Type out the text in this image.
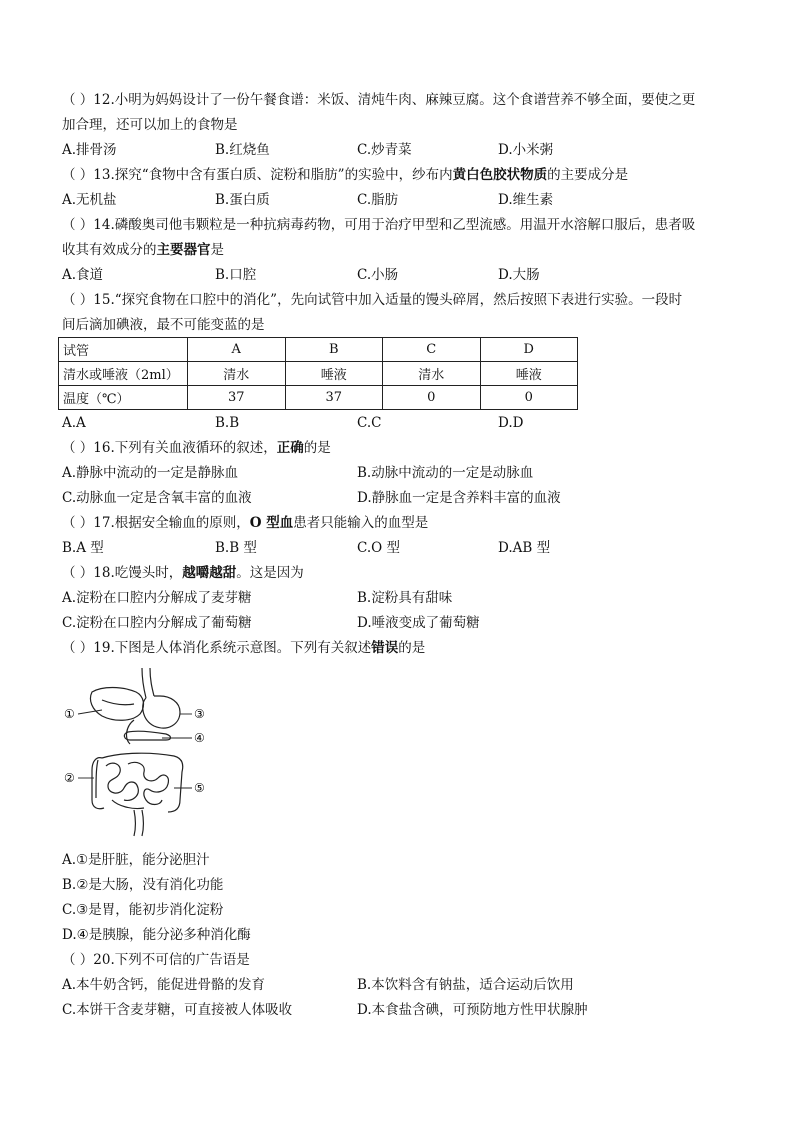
（ ）12.小明为妈妈设计了一份午餐食谱：米饭、清炖牛肉、麻辣豆腐。这个食谱营养不够全面，要使之更
加合理，还可以加上的食物是
A.排骨汤	B.红烧鱼	C.炒青菜	D.小米粥
（ ）13.探究“食物中含有蛋白质、淀粉和脂肪”的实验中，纱布内黄白色胶状物质的主要成分是
A.无机盐	B.蛋白质	C.脂肪	D.维生素
（ ）14.磷酸奥司他韦颗粒是一种抗病毒药物，可用于治疗甲型和乙型流感。用温开水溶解口服后，患者吸
收其有效成分的主要器官是
A.食道	B.口腔	C.小肠	D.大肠
（ ）15.“探究食物在口腔中的消化”，先向试管中加入适量的馒头碎屑，然后按照下表进行实验。一段时
间后滴加碘液，最不可能变蓝的是
试管	A	B	C	D
清水或唾液（2ml）	清水	唾液	清水	唾液
温度（℃）	37	37	0	0
A.A	B.B	C.C	D.D
（ ）16.下列有关血液循环的叙述，正确的是
A.静脉中流动的一定是静脉血	B.动脉中流动的一定是动脉血
C.动脉血一定是含氧丰富的血液	D.静脉血一定是含养料丰富的血液
（ ）17.根据安全输血的原则，O 型血患者只能输入的血型是
B.A 型	B.B 型	C.O 型	D.AB 型
（ ）18.吃馒头时，越嚼越甜。这是因为
A.淀粉在口腔内分解成了麦芽糖	B.淀粉具有甜味
C.淀粉在口腔内分解成了葡萄糖	D.唾液变成了葡萄糖
（ ）19.下图是人体消化系统示意图。下列有关叙述错误的是
①
②
③
④
⑤
A.①是肝脏，能分泌胆汁
B.②是大肠，没有消化功能
C.③是胃，能初步消化淀粉
D.④是胰腺，能分泌多种消化酶
（ ）20.下列不可信的广告语是
A.本牛奶含钙，能促进骨骼的发育	B.本饮料含有钠盐，适合运动后饮用
C.本饼干含麦芽糖，可直接被人体吸收	D.本食盐含碘，可预防地方性甲状腺肿
